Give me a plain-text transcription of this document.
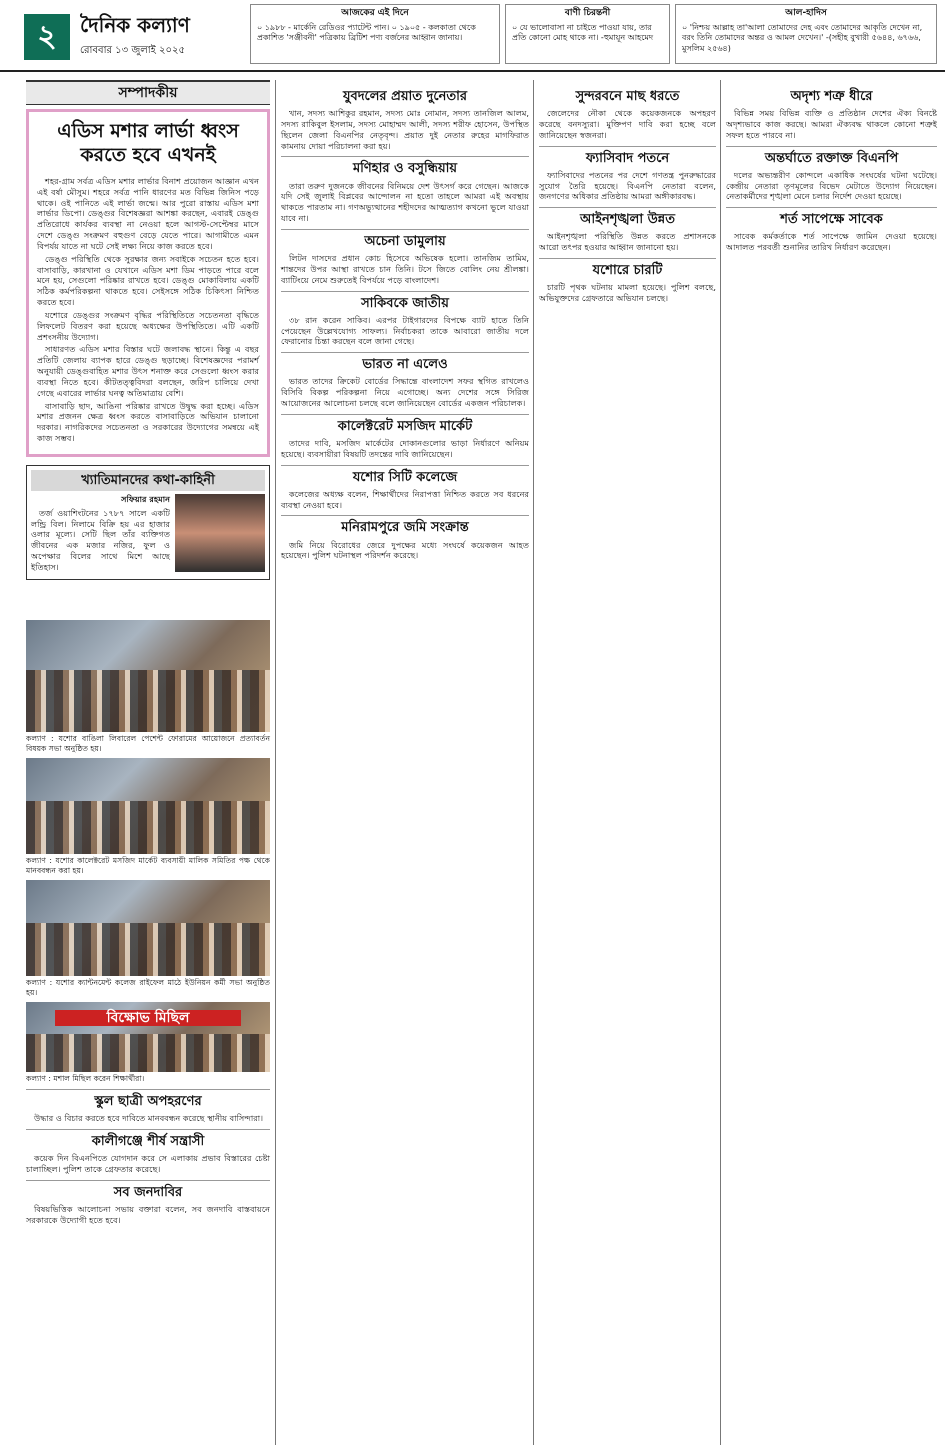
২	দৈনিক কল্যাণ
রোববার ১৩ জুলাই ২০২৫
আজকের এই দিনে
০ ১৯৮৮ - মার্কেনি রেডিওর প্যাটেন্ট পান। ০ ১৯০৫ - কলকাতা থেকে প্রকাশিত 'সঞ্জীবনী' পত্রিকায় ব্রিটিশ পণ্য বর্জনের আহ্বান জানায়।
বাণী চিরন্তনী
০ যে ভালোবাসা না চাইতে পাওয়া যায়, তার প্রতি কোনো মোহ থাকে না। -হুমায়ূন আহমেদ
আল-হাদিস
০ 'নিশ্চয় আল্লাহ তা'আলা তোমাদের দেহ এবং তোমাদের আকৃতি দেখেন না, বরং তিনি তোমাদের অন্তর ও আমল দেখেন।' -(সহীহ বুখারী ৫৬৪৪, ৬৭৬৬, মুসলিম ২৫৬৪)
সম্পাদকীয়
এডিস মশার লার্ভা ধ্বংস করতে হবে এখনই

শহর-গ্রাম সর্বত্র এডিস মশার লার্ভার বিনাশ প্রয়োজন আজ্ঞান এখন এই বর্ষা মৌসুম। শহরে সর্বত্র পানি ধারণের মত বিভিন্ন জিনিস পড়ে থাকে। ওই পানিতে এই লার্ভা জন্মে। আর পুরো রাস্তায় এডিস মশা লার্ভার ডিপো। ডেঙ্গুর বিশেষজ্ঞরা আশঙ্কা করছেন, এবারই ডেঙ্গু প্রতিরোধে কার্যকর ব্যবস্থা না নেওয়া হলে আগস্ট-সেপ্টেম্বর মাসে দেশে ডেঙ্গু সংক্রমণ বহুগুণ বেড়ে যেতে পারে। আগামীতে এমন বিপর্যয় যাতে না ঘটে সেই লক্ষ্য নিয়ে কাজ করতে হবে।

ডেঙ্গু পরিস্থিতি থেকে সুরক্ষার জন্য সবাইকে সচেতন হতে হবে। বাসাবাড়ি, কারখানা ও যেখানে এডিস মশা ডিম পাড়তে পারে বলে মনে হয়, সেগুলো পরিষ্কার রাখতে হবে। ডেঙ্গু মোকাবিলায় একটি সঠিক কর্মপরিকল্পনা থাকতে হবে। সেইসঙ্গে সঠিক চিকিৎসা নিশ্চিত করতে হবে।

যশোরে ডেঙ্গুর সংক্রমণ বৃদ্ধির পরিস্থিতিতে সচেতনতা বৃদ্ধিতে লিফলেট বিতরণ করা হয়েছে অধ্যক্ষের উপস্থিতিতে। এটি একটি প্রশংসনীয় উদ্যোগ।

সাধারণত এডিস মশার বিস্তার ঘটে জলাবদ্ধ স্থানে। কিন্তু এ বছর প্রতিটি জেলায় ব্যাপক হারে ডেঙ্গু ছড়াচ্ছে। বিশেষজ্ঞদের পরামর্শ অনুযায়ী ডেঙ্গুবাহিত মশার উৎস শনাক্ত করে সেগুলো ধ্বংস করার ব্যবস্থা নিতে হবে। কীটতত্ত্ববিদরা বলছেন, জরিপ চালিয়ে দেখা গেছে এবারের লার্ভার ঘনত্ব অতিমাত্রায় বেশি।

বাসাবাড়ি ছাদ, আঙিনা পরিষ্কার রাখতে উদ্বুদ্ধ করা হচ্ছে। এডিস মশার প্রজনন ক্ষেত্র ধ্বংস করতে বাসাবাড়িতে অভিযান চালানো দরকার। নাগরিকদের সচেতনতা ও সরকারের উদ্যোগের সমন্বয়ে এই কাজ সম্ভব।

খ্যাতিমানদের কথা-কাহিনী
সফিয়ার রহমান

তর্জ ওয়াশিংটনের ১৭৮৭ সালে একটি লন্ড্রি বিল। নিলামে বিক্রি হয় এর হাজার ওলার মূল্যে। সেটি ছিল তাঁর ব্যক্তিগত জীবনের এক মজার নজির, ফুল ও অপেক্ষার বিলের সাথে মিশে আছে ইতিহাস।

যুবদলের প্রয়াত দুনেতার

খান, সদস্য আশিকুর রহমান, সদস্য মোঃ নোমান, সদস্য তানজিল আলম, সদস্য রাকিবুল ইসলাম, সদস্য মোহাম্মদ আলী, সদস্য শরীফ হোসেন, উপস্থিত ছিলেন জেলা বিএনপির নেতৃবৃন্দ। প্রয়াত দুই নেতার রুহের মাগফিরাত কামনায় দোয়া পরিচালনা করা হয়।

মণিহার ও বসুন্ধিয়ায়

তারা তরুণ দুজনকে জীবনের বিনিময়ে দেশ উৎসর্গ করে গেছেন। আজকে যদি সেই জুলাই বিপ্লবের আন্দোলন না হতো তাহলে আমরা এই অবস্থায় থাকতে পারতাম না। গণঅভ্যুত্থানের শহীদদের আত্মত্যাগ কখনো ভুলে যাওয়া যাবে না।

অচেনা ডামুলায়

লিটন দাসদের প্রধান কোচ হিসেবে অভিষেক হলো। তানজিম তামিম, শান্তদের উপর আস্থা রাখতে চান তিনি। টসে জিতে বোলিং নেয় শ্রীলঙ্কা। ব্যাটিংয়ে নেমে শুরুতেই বিপর্যয়ে পড়ে বাংলাদেশ।

সাকিবকে জাতীয়

৩৮ রান করেন সাকিব। এরপর টাইগারদের বিপক্ষে ব্যাট হাতে তিনি পেয়েছেন উল্লেখযোগ্য সাফল্য। নির্বাচকরা তাকে আবারো জাতীয় দলে ফেরানোর চিন্তা করছেন বলে জানা গেছে।

ভারত না এলেও

ভারত তাদের ক্রিকেট বোর্ডের সিদ্ধান্তে বাংলাদেশ সফর স্থগিত রাখলেও বিসিবি বিকল্প পরিকল্পনা নিয়ে এগোচ্ছে। অন্য দেশের সঙ্গে সিরিজ আয়োজনের আলোচনা চলছে বলে জানিয়েছেন বোর্ডের একজন পরিচালক।

কালেক্টরেট মসজিদ মার্কেট

তাদের দাবি, মসজিদ মার্কেটের দোকানগুলোর ভাড়া নির্ধারণে অনিয়ম হয়েছে। ব্যবসায়ীরা বিষয়টি তদন্তের দাবি জানিয়েছেন।

যশোর সিটি কলেজে

কলেজের অধ্যক্ষ বলেন, শিক্ষার্থীদের নিরাপত্তা নিশ্চিত করতে সব ধরনের ব্যবস্থা নেওয়া হবে।

মনিরামপুরে জমি সংক্রান্ত

জমি নিয়ে বিরোধের জেরে দুপক্ষের মধ্যে সংঘর্ষে কয়েকজন আহত হয়েছেন। পুলিশ ঘটনাস্থল পরিদর্শন করেছে।

কল্যাণ : যশোর বাঙিলা লিবারেল পেশেন্ট ফোরামের আয়োজনে প্রত্যাবর্তন বিষয়ক সভা অনুষ্ঠিত হয়।
কল্যাণ : যশোর কালেক্টরেট মসজিদ মার্কেট ব্যবসায়ী মালিক সমিতির পক্ষ থেকে মানববন্ধন করা হয়।
কল্যাণ : যশোর ক্যান্টনমেন্ট কলেজ রাইফেল মাঠে ইউনিয়ন কর্মী সভা অনুষ্ঠিত হয়।
বিক্ষোভ মিছিল
কল্যাণ : মশাল মিছিল করেন শিক্ষার্থীরা।
স্কুল ছাত্রী অপহরণের

উদ্ধার ও বিচার করতে হবে দাবিতে মানববন্ধন করেছে স্থানীয় বাসিন্দারা।

কালীগঞ্জে শীর্ষ সন্ত্রাসী

কয়েক দিন বিএনপিতে যোগদান করে সে এলাকায় প্রভাব বিস্তারের চেষ্টা চালাচ্ছিল। পুলিশ তাকে গ্রেফতার করেছে।

সব জনদাবির

বিষয়ভিত্তিক আলোচনা সভায় বক্তারা বলেন, সব জনদাবি বাস্তবায়নে সরকারকে উদ্যোগী হতে হবে।

সুন্দরবনে মাছ ধরতে

জেলেদের নৌকা থেকে কয়েকজনকে অপহরণ করেছে বনদস্যুরা। মুক্তিপণ দাবি করা হচ্ছে বলে জানিয়েছেন স্বজনরা।

ফ্যাসিবাদ পতনে

ফ্যাসিবাদের পতনের পর দেশে গণতন্ত্র পুনরুদ্ধারের সুযোগ তৈরি হয়েছে। বিএনপি নেতারা বলেন, জনগণের অধিকার প্রতিষ্ঠায় আমরা অঙ্গীকারবদ্ধ।

আইনশৃঙ্খলা উন্নত

আইনশৃঙ্খলা পরিস্থিতি উন্নত করতে প্রশাসনকে আরো তৎপর হওয়ার আহ্বান জানানো হয়।

যশোরে চারটি

চারটি পৃথক ঘটনায় মামলা হয়েছে। পুলিশ বলছে, অভিযুক্তদের গ্রেফতারে অভিযান চলছে।

অদৃশ্য শত্রু ধীরে

বিভিন্ন সময় বিভিন্ন ব্যক্তি ও প্রতিষ্ঠান দেশের ঐক্য বিনষ্টে অদৃশ্যভাবে কাজ করছে। আমরা ঐক্যবদ্ধ থাকলে কোনো শত্রুই সফল হতে পারবে না।

অন্তর্ঘাতে রক্তাক্ত বিএনপি

দলের অভ্যন্তরীণ কোন্দলে একাধিক সংঘর্ষের ঘটনা ঘটেছে। কেন্দ্রীয় নেতারা তৃণমূলের বিভেদ মেটাতে উদ্যোগ নিয়েছেন। নেতাকর্মীদের শৃঙ্খলা মেনে চলার নির্দেশ দেওয়া হয়েছে।

শর্ত সাপেক্ষে সাবেক

সাবেক কর্মকর্তাকে শর্ত সাপেক্ষে জামিন দেওয়া হয়েছে। আদালত পরবর্তী শুনানির তারিখ নির্ধারণ করেছেন।
